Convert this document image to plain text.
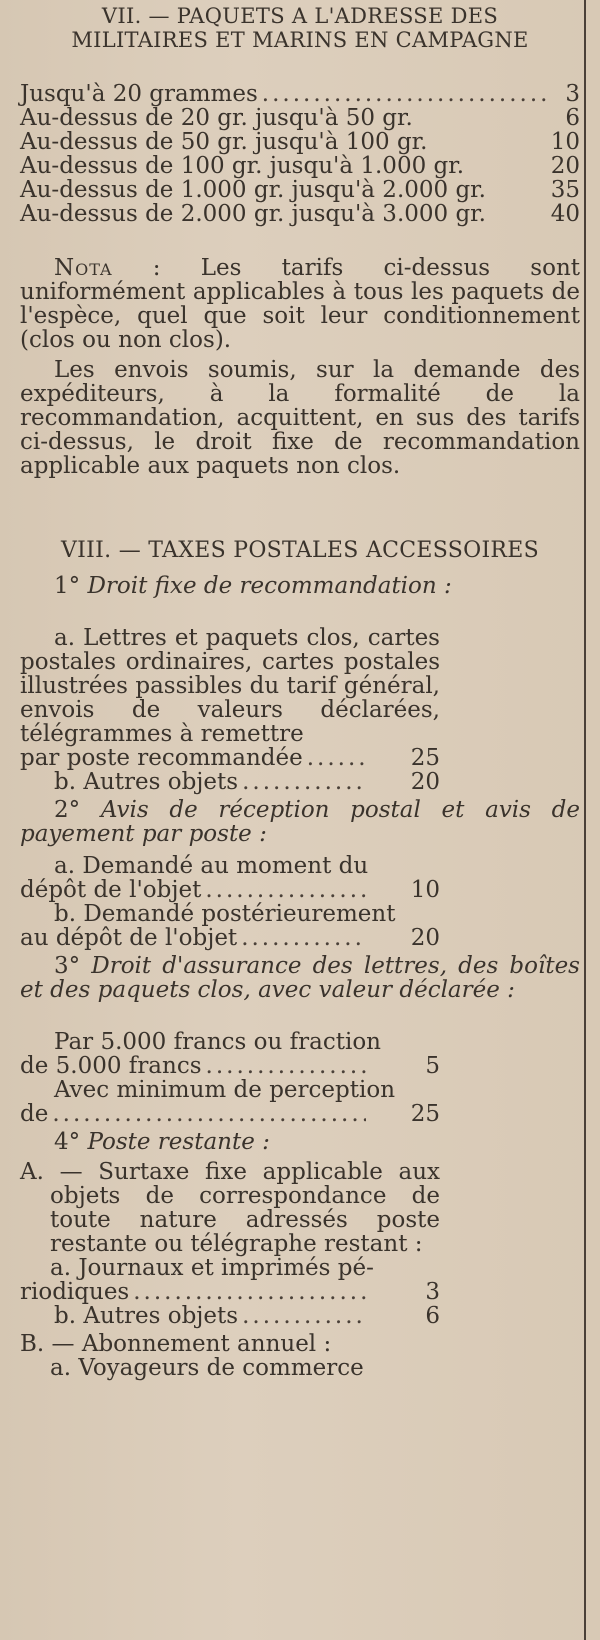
VII. — PAQUETS A L'ADRESSE DES

MILITAIRES ET MARINS EN CAMPAGNE

Jusqu'à 20 grammes .....	3
Au-dessus de 20 gr. jusqu'à 50 gr.	6
Au-dessus de 50 gr. jusqu'à 100 gr.	10
Au-dessus de 100 gr. jusqu'à 1.000 gr.	20
Au-dessus de 1.000 gr. jusqu'à 2.000 gr.	35
Au-dessus de 2.000 gr. jusqu'à 3.000 gr.	40

Nota : Les tarifs ci-dessus sont uniformément applicables à tous les paquets de l'espèce, quel que soit leur conditionnement (clos ou non clos).

Les envois soumis, sur la demande des expéditeurs, à la formalité de la recommandation, acquittent, en sus des tarifs ci-dessus, le droit fixe de recommandation applicable aux paquets non clos.

VIII. — TAXES POSTALES ACCESSOIRES

1° Droit fixe de recommandation :

a. Lettres et paquets clos, cartes postales ordinaires, cartes postales illustrées passibles du tarif général, envois de valeurs déclarées, télégrammes à remettre

par poste recommandée .....	25
b. Autres objets .....	20

2° Avis de réception postal et avis de payement par poste :

a. Demandé au moment du

dépôt de l'objet .....	10

b. Demandé postérieurement

au dépôt de l'objet .....	20

3° Droit d'assurance des lettres, des boîtes et des paquets clos, avec valeur déclarée :

Par 5.000 francs ou fraction

de 5.000 francs .....	5

Avec minimum de perception

de .....	25

4° Poste restante :

A. — Surtaxe fixe applicable aux objets de correspondance de toute nature adressés poste restante ou télégraphe restant :

a. Journaux et imprimés pé-

riodiques .....	3
b. Autres objets .....	6

B. — Abonnement annuel :

a. Voyageurs de commerce
